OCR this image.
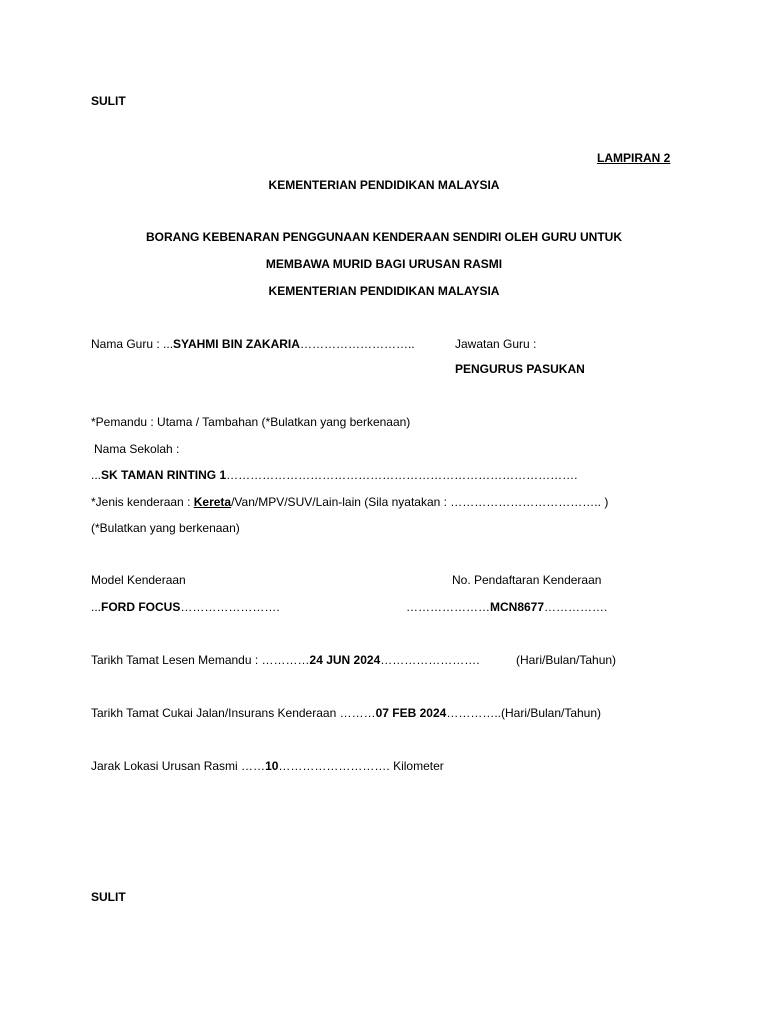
SULIT
LAMPIRAN 2
KEMENTERIAN PENDIDIKAN MALAYSIA
BORANG KEBENARAN PENGGUNAAN KENDERAAN SENDIRI OLEH GURU UNTUK
MEMBAWA MURID BAGI URUSAN RASMI
KEMENTERIAN PENDIDIKAN MALAYSIA
Nama Guru : ...SYAHMI BIN ZAKARIA………………………..	Jawatan Guru :
PENGURUS PASUKAN
*Pemandu : Utama / Tambahan (*Bulatkan yang berkenaan)
Nama Sekolah :
...SK TAMAN RINTING 1…………………………………………………………………………….
*Jenis kenderaan : Kereta/Van/MPV/SUV/Lain-lain (Sila nyatakan : ……………………………….. )
(*Bulatkan yang berkenaan)
Model Kenderaan	No. Pendaftaran Kenderaan
...FORD FOCUS…………………….	…………………MCN8677…………….
Tarikh Tamat Lesen Memandu : …………24 JUN 2024…………………….	(Hari/Bulan/Tahun)
Tarikh Tamat Cukai Jalan/Insurans Kenderaan ………07 FEB 2024…………..(Hari/Bulan/Tahun)
Jarak Lokasi Urusan Rasmi ……10………………………. Kilometer
SULIT
